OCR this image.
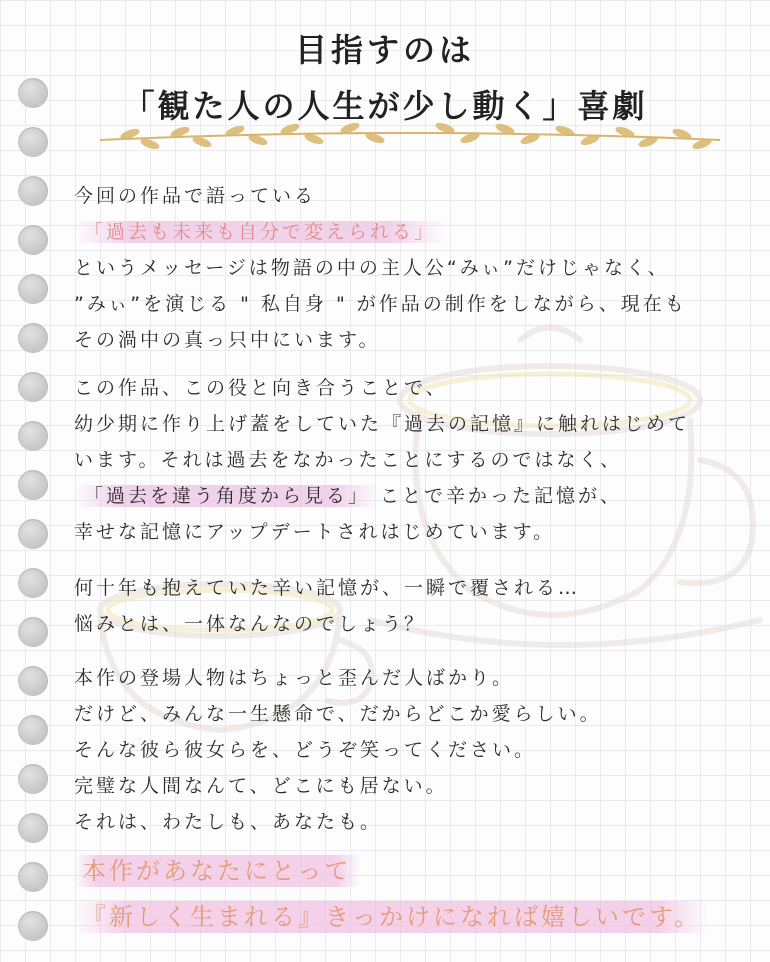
目指すのは
「観た人の人生が少し動く」喜劇
今回の作品で語っている
「過去も未来も自分で変えられる」
というメッセージは物語の中の主人公“みぃ”だけじゃなく、
”みぃ”を演じる " 私自身 " が作品の制作をしながら、現在も
その渦中の真っ只中にいます。
この作品、この役と向き合うことで、
幼少期に作り上げ蓋をしていた『過去の記憶』に触れはじめて
います。それは過去をなかったことにするのではなく、
「過去を違う角度から見る」 ことで辛かった記憶が、
幸せな記憶にアップデートされはじめています。
何十年も抱えていた辛い記憶が、一瞬で覆される…
悩みとは、一体なんなのでしょう？
本作の登場人物はちょっと歪んだ人ばかり。
だけど、みんな一生懸命で、だからどこか愛らしい。
そんな彼ら彼女らを、どうぞ笑ってください。
完璧な人間なんて、どこにも居ない。
それは、わたしも、あなたも。
本作があなたにとって
『新しく生まれる』きっかけになれば嬉しいです。
